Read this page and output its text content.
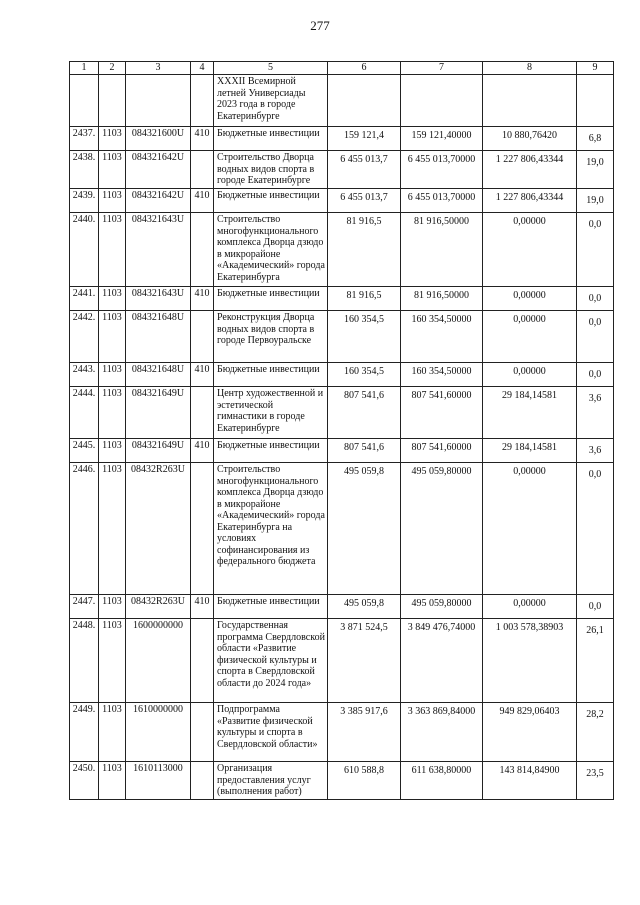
277
1	2	3	4	5	6	7	8	9
				XXXII Всемирной летней Универсиады 2023 года в городе Екатеринбурге				
2437.	1103	084321600U	410	Бюджетные инвестиции	159 121,4	159 121,40000	10 880,76420	6,8
2438.	1103	084321642U		Строительство Дворца водных видов спорта в городе Екатеринбурге	6 455 013,7	6 455 013,70000	1 227 806,43344	19,0
2439.	1103	084321642U	410	Бюджетные инвестиции	6 455 013,7	6 455 013,70000	1 227 806,43344	19,0
2440.	1103	084321643U		Строительство многофункционального комплекса Дворца дзюдо в микрорайоне «Академический» города Екатеринбурга	81 916,5	81 916,50000	0,00000	0,0
2441.	1103	084321643U	410	Бюджетные инвестиции	81 916,5	81 916,50000	0,00000	0,0
2442.	1103	084321648U		Реконструкция Дворца водных видов спорта в городе Первоуральске	160 354,5	160 354,50000	0,00000	0,0
2443.	1103	084321648U	410	Бюджетные инвестиции	160 354,5	160 354,50000	0,00000	0,0
2444.	1103	084321649U		Центр художественной и эстетической гимнастики в городе Екатеринбурге	807 541,6	807 541,60000	29 184,14581	3,6
2445.	1103	084321649U	410	Бюджетные инвестиции	807 541,6	807 541,60000	29 184,14581	3,6
2446.	1103	08432R263U		Строительство многофункционального комплекса Дворца дзюдо в микрорайоне «Академический» города Екатеринбурга на условиях софинансирования из федерального бюджета	495 059,8	495 059,80000	0,00000	0,0
2447.	1103	08432R263U	410	Бюджетные инвестиции	495 059,8	495 059,80000	0,00000	0,0
2448.	1103	1600000000		Государственная программа Свердловской области «Развитие физической культуры и спорта в Свердловской области до 2024 года»	3 871 524,5	3 849 476,74000	1 003 578,38903	26,1
2449.	1103	1610000000		Подпрограмма «Развитие физической культуры и спорта в Свердловской области»	3 385 917,6	3 363 869,84000	949 829,06403	28,2
2450.	1103	1610113000		Организация предоставления услуг (выполнения работ)	610 588,8	611 638,80000	143 814,84900	23,5
